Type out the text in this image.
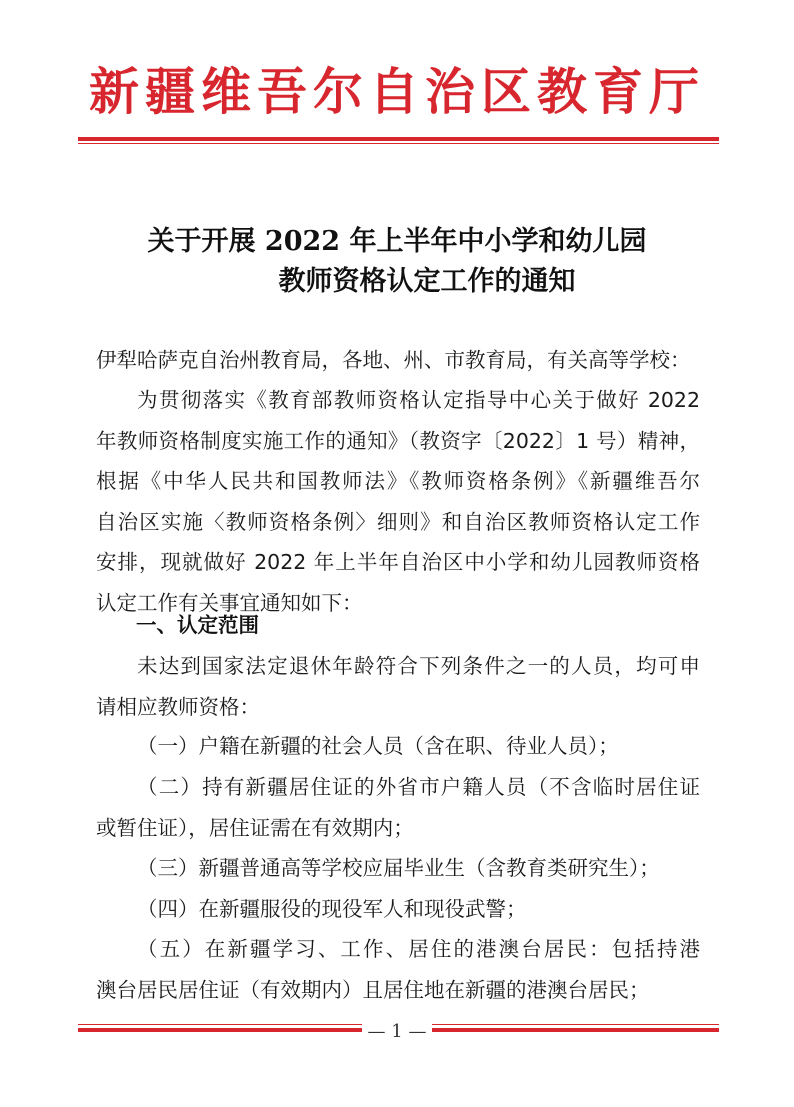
新疆维吾尔自治区教育厅
关于开展 2022 年上半年中小学和幼儿园
教师资格认定工作的通知

伊犁哈萨克自治州教育局，各地、州、市教育局，有关高等学校：

为贯彻落实《教育部教师资格认定指导中心关于做好 2022
年教师资格制度实施工作的通知》（教资字〔2022〕1 号）精神，
根据《中华人民共和国教师法》《教师资格条例》《新疆维吾尔
自治区实施〈教师资格条例〉细则》和自治区教师资格认定工作
安排，现就做好 2022 年上半年自治区中小学和幼儿园教师资格
认定工作有关事宜通知如下：

一、认定范围

未达到国家法定退休年龄符合下列条件之一的人员，均可申
请相应教师资格：

（一）户籍在新疆的社会人员（含在职、待业人员）；

（二）持有新疆居住证的外省市户籍人员（不含临时居住证
或暂住证），居住证需在有效期内；

（三）新疆普通高等学校应届毕业生（含教育类研究生）；

（四）在新疆服役的现役军人和现役武警；

（五）在新疆学习、工作、居住的港澳台居民：包括持港
澳台居民居住证（有效期内）且居住地在新疆的港澳台居民；

— 1 —
